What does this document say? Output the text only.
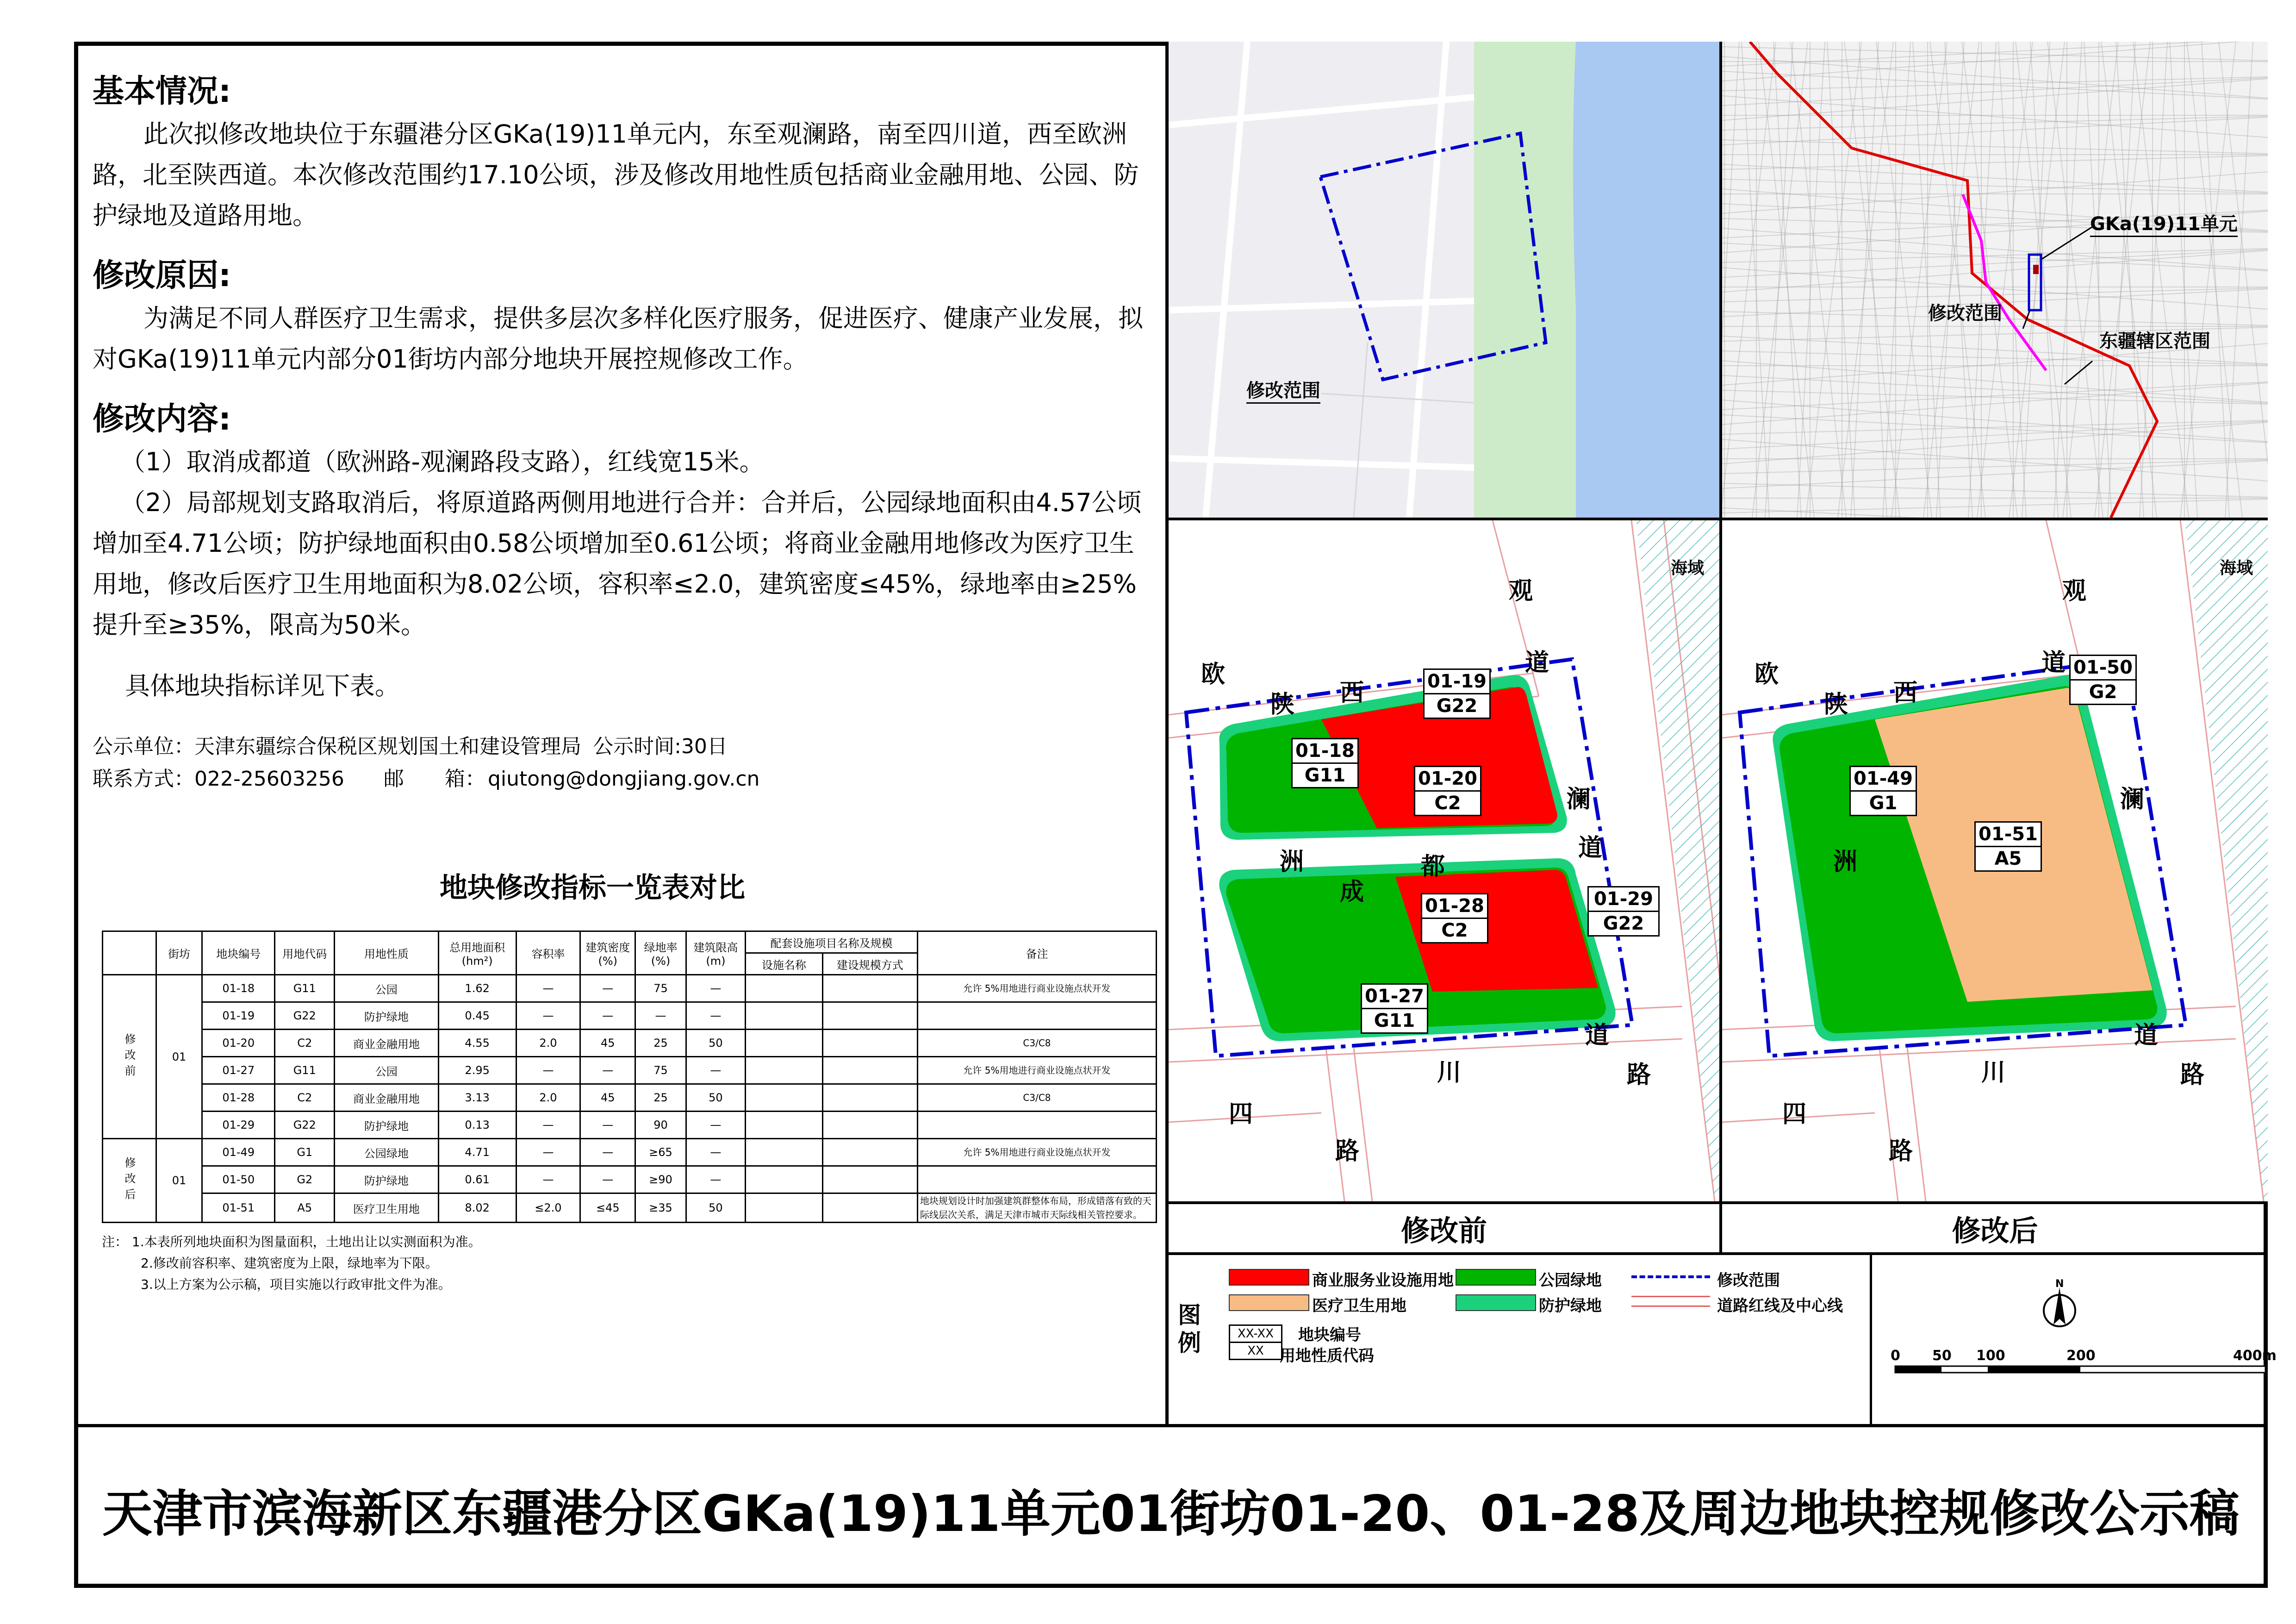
基本情况:

此次拟修改地块位于东疆港分区GKa(19)11单元内，东至观澜路，南至四川道，西至欧洲路，北至陕西道。本次修改范围约17.10公顷，涉及修改用地性质包括商业金融用地、公园、防护绿地及道路用地。

修改原因:

为满足不同人群医疗卫生需求，提供多层次多样化医疗服务，促进医疗、健康产业发展，拟对GKa(19)11单元内部分01街坊内部分地块开展控规修改工作。

修改内容:

（1）取消成都道（欧洲路-观澜路段支路），红线宽15米。

（2）局部规划支路取消后，将原道路两侧用地进行合并：合并后，公园绿地面积由4.57公顷增加至4.71公顷；防护绿地面积由0.58公顷增加至0.61公顷；将商业金融用地修改为医疗卫生用地，修改后医疗卫生用地面积为8.02公顷，容积率≤2.0，建筑密度≤45%，绿地率由≥25%提升至≥35%，限高为50米。

具体地块指标详见下表。

公示单位：天津东疆综合保税区规划国土和建设管理局 公示时间:30日
联系方式：022-25603256 邮　　箱： qiutong@dongjiang.gov.cn
地块修改指标一览表对比
	街坊	地块编号	用地代码	用地性质	总用地面积(hm²)	容积率	建筑密度(%)	绿地率(%)	建筑限高(m)	配套设施项目名称及规模		备注
										设施名称	建设规模方式	
修改前	01	01-18	G11	公园	1.62	—	—	75	—			允许 5%用地进行商业设施点状开发
		01-19	G22	防护绿地	0.45	—	—	—	—			
		01-20	C2	商业金融用地	4.55	2.0	45	25	50			C3/C8
		01-27	G11	公园	2.95	—	—	75	—			允许 5%用地进行商业设施点状开发
		01-28	C2	商业金融用地	3.13	2.0	45	25	50			C3/C8
		01-29	G22	防护绿地	0.13	—	—	90	—			
修改后	01	01-49	G1	公园绿地	4.71	—	—	≥65	—			允许 5%用地进行商业设施点状开发
		01-50	G2	防护绿地	0.61	—	—	≥90	—			
		01-51	A5	医疗卫生用地	8.02	≤2.0	≤45	≥35	50			地块规划设计时加强建筑群整体布局，形成错落有致的天际线层次关系，满足天津市城市天际线相关管控要求。
注： 1.本表所列地块面积为图量面积，土地出让以实测面积为准。
2.修改前容积率、建筑密度为上限，绿地率为下限。
3.以上方案为公示稿，项目实施以行政审批文件为准。
修改范围
GKa(19)11单元
修改范围
东疆辖区范围
观
道
澜
道
欧
陕 西
洲
成
都
道
川	路
四
路
海域
01-19
G22
01-18
G11	01-20
C2
01-28
C2
01-29
G22
01-27
G11
观
道
澜
欧
陕 西
洲
道
川	路
四
路
海域
01-50
G2
01-49
G1
01-51
A5
修改前	修改后
图例
商业服务业设施用地	公园绿地	修改范围
医疗卫生用地	防护绿地	道路红线及中心线
XX-XX
XX
地块编号
用地性质代码
N
0 50 100	200	400m
天津市滨海新区东疆港分区GKa(19)11单元01街坊01-20、01-28及周边地块控规修改公示稿
